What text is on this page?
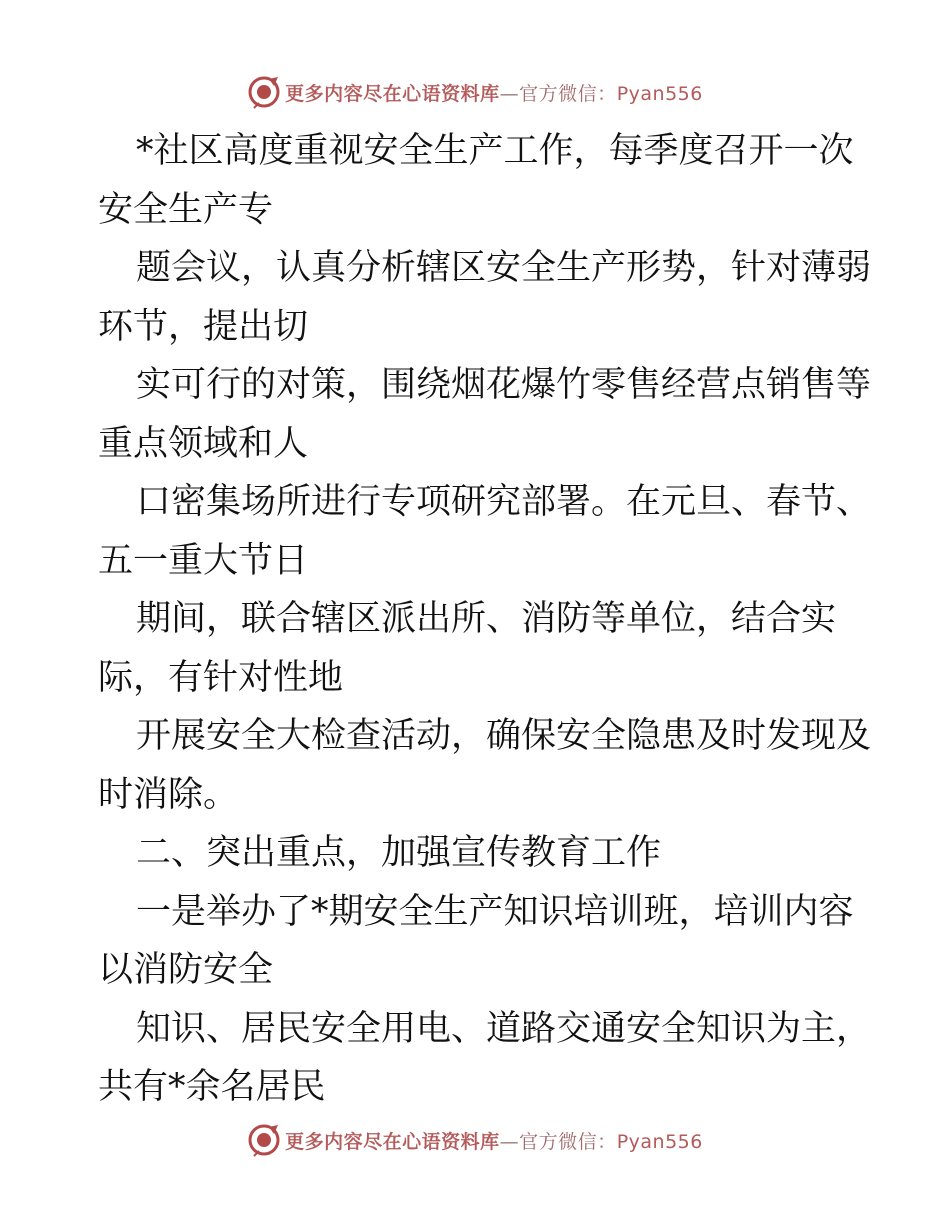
更多内容尽在心语资料库—官方微信：Pyan556
*社区高度重视安全生产工作，每季度召开一次
安全生产专
题会议，认真分析辖区安全生产形势，针对薄弱
环节，提出切
实可行的对策，围绕烟花爆竹零售经营点销售等
重点领域和人
口密集场所进行专项研究部署。在元旦、春节、
五一重大节日
期间，联合辖区派出所、消防等单位，结合实
际，有针对性地
开展安全大检查活动，确保安全隐患及时发现及
时消除。
二、突出重点，加强宣传教育工作
一是举办了*期安全生产知识培训班，培训内容
以消防安全
知识、居民安全用电、道路交通安全知识为主，
共有*余名居民
更多内容尽在心语资料库—官方微信：Pyan556
